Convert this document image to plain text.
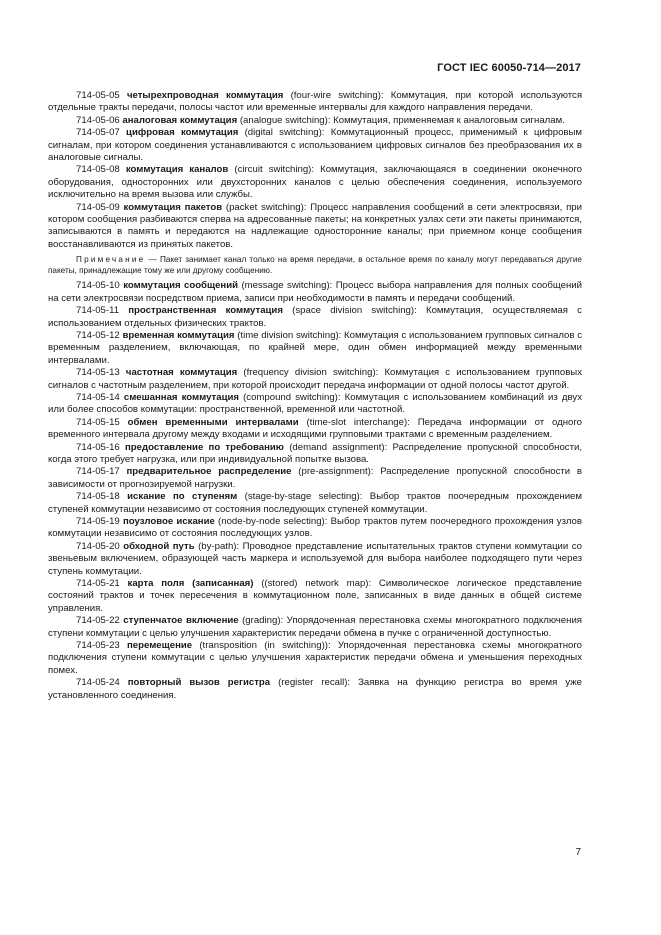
ГОСТ IEC 60050-714—2017

714-05-05 четырехпроводная коммутация (four-wire switching): Коммутация, при которой используются отдельные тракты передачи, полосы частот или временные интервалы для каждого направления передачи.

714-05-06 аналоговая коммутация (analogue switching): Коммутация, применяемая к аналоговым сигналам.

714-05-07 цифровая коммутация (digital switching): Коммутационный процесс, применимый к цифровым сигналам, при котором соединения устанавливаются с использованием цифровых сигналов без преобразования их в аналоговые сигналы.

714-05-08 коммутация каналов (circuit switching): Коммутация, заключающаяся в соединении оконечного оборудования, односторонних или двухсторонних каналов с целью обеспечения соединения, используемого исключительно на время вызова или службы.

714-05-09 коммутация пакетов (packet switching): Процесс направления сообщений в сети электросвязи, при котором сообщения разбиваются сперва на адресованные пакеты; на конкретных узлах сети эти пакеты принимаются, записываются в память и передаются на надлежащие односторонние каналы; при приемном конце сообщения восстанавливаются из принятых пакетов.

Примечание — Пакет занимает канал только на время передачи, в остальное время по каналу могут передаваться другие пакеты, принадлежащие тому же или другому сообщению.

714-05-10 коммутация сообщений (message switching): Процесс выбора направления для полных сообщений на сети электросвязи посредством приема, записи при необходимости в память и передачи сообщений.

714-05-11 пространственная коммутация (space division switching): Коммутация, осуществляемая с использованием отдельных физических трактов.

714-05-12 временная коммутация (time division switching): Коммутация с использованием групповых сигналов с временным разделением, включающая, по крайней мере, один обмен информацией между временными интервалами.

714-05-13 частотная коммутация (frequency division switching): Коммутация с использованием групповых сигналов с частотным разделением, при которой происходит передача информации от одной полосы частот другой.

714-05-14 смешанная коммутация (compound switching): Коммутация с использованием комбинаций из двух или более способов коммутации: пространственной, временной или частотной.

714-05-15 обмен временными интервалами (time-slot interchange): Передача информации от одного временного интервала другому между входами и исходящими групповыми трактами с временным разделением.

714-05-16 предоставление по требованию (demand assignment): Распределение пропускной способности, когда этого требует нагрузка, или при индивидуальной попытке вызова.

714-05-17 предварительное распределение (pre-assignment): Распределение пропускной способности в зависимости от прогнозируемой нагрузки.

714-05-18 искание по ступеням (stage-by-stage selecting): Выбор трактов поочередным прохождением ступеней коммутации независимо от состояния последующих ступеней коммутации.

714-05-19 поузловое искание (node-by-node selecting): Выбор трактов путем поочередного прохождения узлов коммутации независимо от состояния последующих узлов.

714-05-20 обходной путь (by-path): Проводное представление испытательных трактов ступени коммутации со звеньевым включением, образующей часть маркера и используемой для выбора наиболее подходящего пути через ступень коммутации.

714-05-21 карта поля (записанная) ((stored) network map): Символическое логическое представление состояний трактов и точек пересечения в коммутационном поле, записанных в виде данных в общей системе управления.

714-05-22 ступенчатое включение (grading): Упорядоченная перестановка схемы многократного подключения ступени коммутации с целью улучшения характеристик передачи обмена в пучке с ограниченной доступностью.

714-05-23 перемещение (transposition (in switching)): Упорядоченная перестановка схемы многократного подключения ступени коммутации с целью улучшения характеристик передачи обмена и уменьшения переходных помех.

714-05-24 повторный вызов регистра (register recall): Заявка на функцию регистра во время уже установленного соединения.

7
